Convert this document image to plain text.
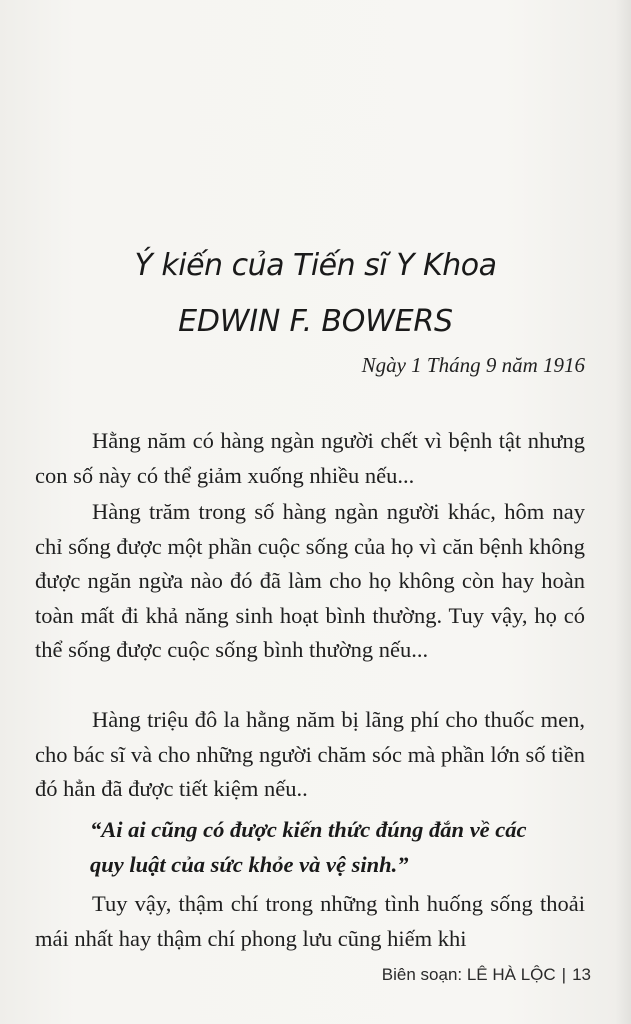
Ý kiến của Tiến sĩ Y Khoa
EDWIN F. BOWERS
Ngày 1 Tháng 9 năm 1916

Hằng năm có hàng ngàn người chết vì bệnh tật nhưng con số này có thể giảm xuống nhiều nếu...

Hàng trăm trong số hàng ngàn người khác, hôm nay chỉ sống được một phần cuộc sống của họ vì căn bệnh không được ngăn ngừa nào đó đã làm cho họ không còn hay hoàn toàn mất đi khả năng sinh hoạt bình thường. Tuy vậy, họ có thể sống được cuộc sống bình thường nếu...

Hàng triệu đô la hằng năm bị lãng phí cho thuốc men, cho bác sĩ và cho những người chăm sóc mà phần lớn số tiền đó hẳn đã được tiết kiệm nếu..

“Ai ai cũng có được kiến thức đúng đắn về các quy luật của sức khỏe và vệ sinh.”

Tuy vậy, thậm chí trong những tình huống sống thoải mái nhất hay thậm chí phong lưu cũng hiếm khi

Biên soạn: LÊ HÀ LỘC | 13
